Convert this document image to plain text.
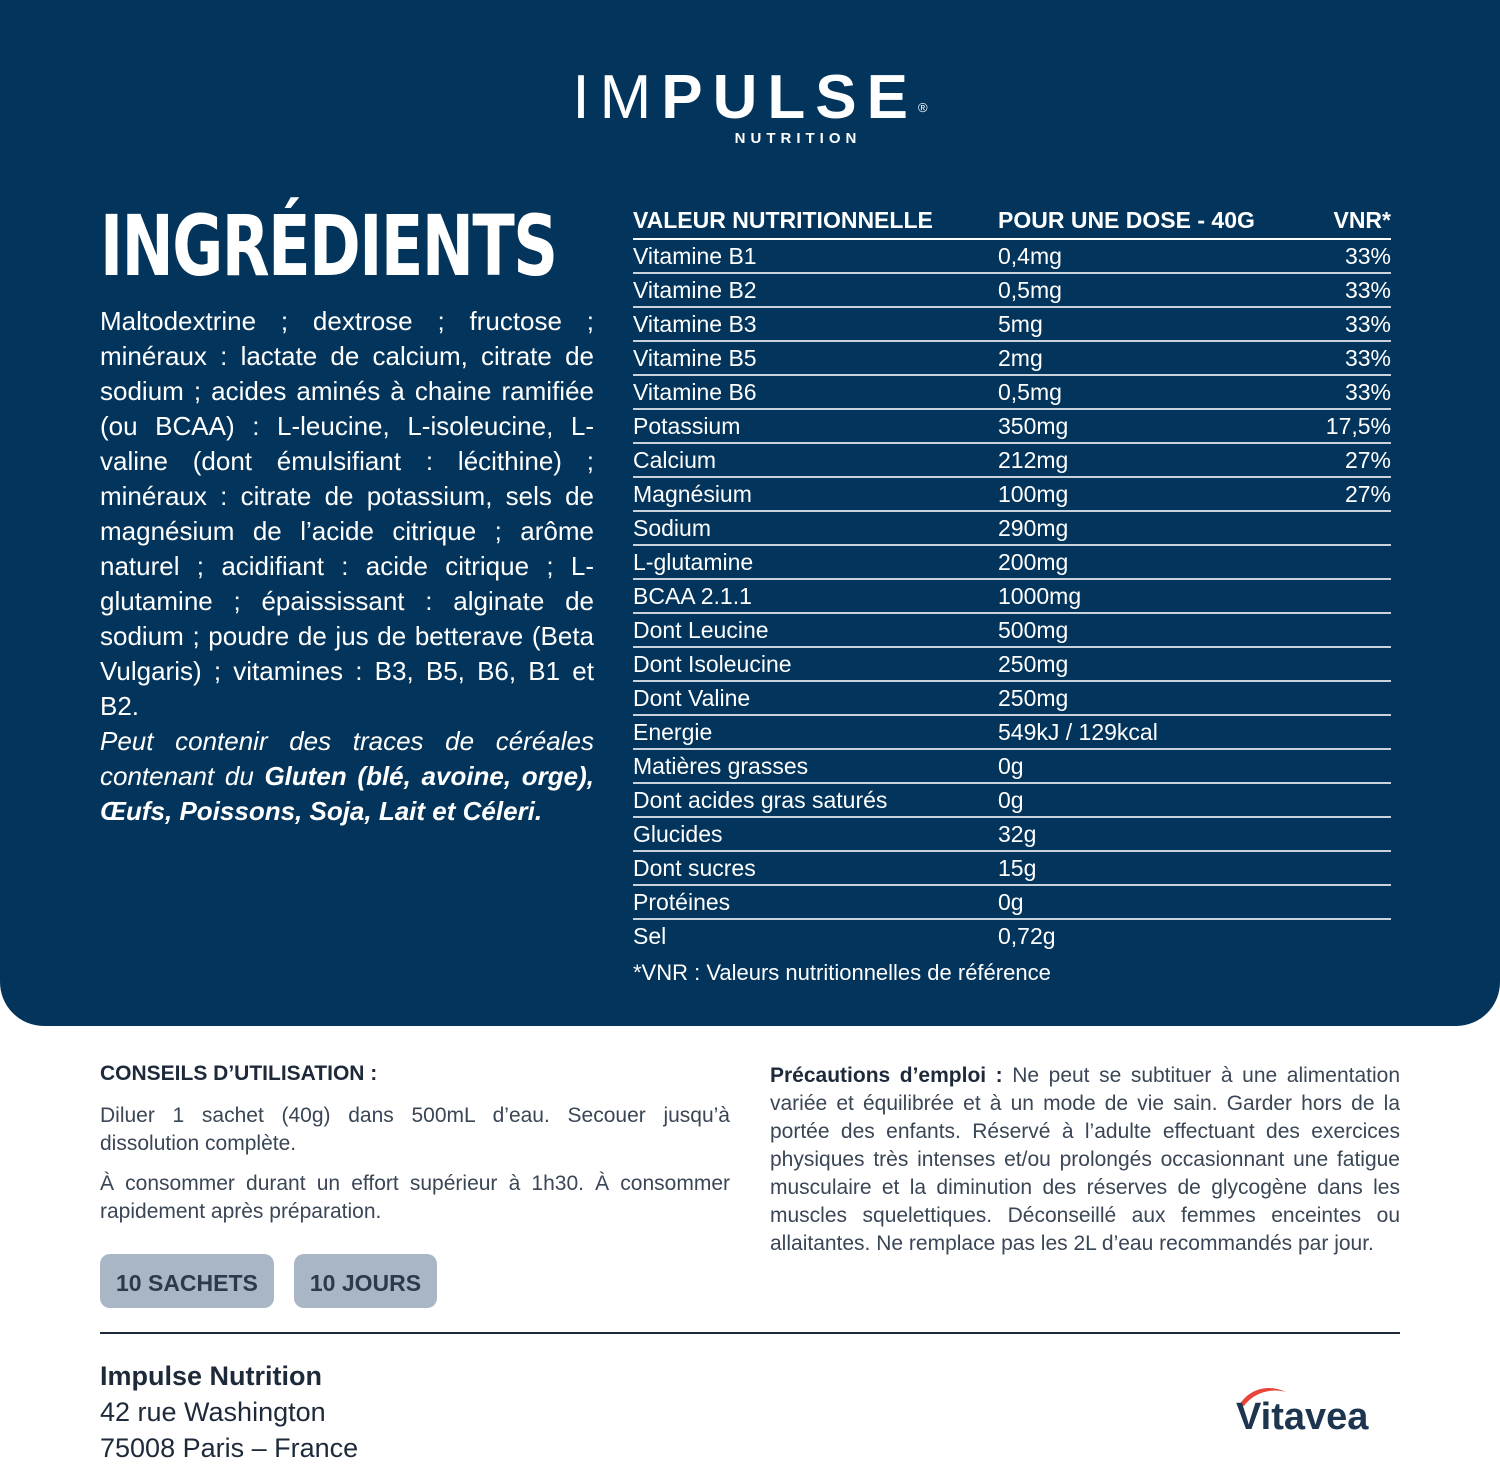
IMPULSE®
NUTRITION
INGRÉDIENTS

Maltodextrine ; dextrose ; fructose ; minéraux : lactate de calcium, citrate de sodium ; acides aminés à chaine ramifiée (ou BCAA) : L-leucine, L-isoleucine, L-valine (dont émulsifiant : lécithine) ; minéraux : citrate de potassium, sels de magnésium de l’acide citrique ; arôme naturel ; acidifiant : acide citrique ; L-glutamine ; épaississant : alginate de sodium ; poudre de jus de betterave (Beta Vulgaris) ; vitamines : B3, B5, B6, B1 et B2.

Peut contenir des traces de céréales contenant du Gluten (blé, avoine, orge), Œufs, Poissons, Soja, Lait et Céleri.

VALEUR NUTRITIONNELLE	POUR UNE DOSE - 40G	VNR*
Vitamine B1	0,4mg	33%
Vitamine B2	0,5mg	33%
Vitamine B3	5mg	33%
Vitamine B5	2mg	33%
Vitamine B6	0,5mg	33%
Potassium	350mg	17,5%
Calcium	212mg	27%
Magnésium	100mg	27%
Sodium	290mg
L-glutamine	200mg
BCAA 2.1.1	1000mg
Dont Leucine	500mg
Dont Isoleucine	250mg
Dont Valine	250mg
Energie	549kJ / 129kcal
Matières grasses	0g
Dont acides gras saturés	0g
Glucides	32g
Dont sucres	15g
Protéines	0g
Sel	0,72g
*VNR : Valeurs nutritionnelles de référence
CONSEILS D’UTILISATION :

Diluer 1 sachet (40g) dans 500mL d’eau. Secouer jusqu’à dissolution complète.

À consommer durant un effort supérieur à 1h30. À consommer rapidement après préparation.

10 SACHETS	10 JOURS
Précautions d’emploi : Ne peut se subtituer à une alimentation variée et équilibrée et à un mode de vie sain. Garder hors de la portée des enfants. Réservé à l’adulte effectuant des exercices physiques très intenses et/ou prolongés occasionnant une fatigue musculaire et la diminution des réserves de glycogène dans les muscles squelettiques. Déconseillé aux femmes enceintes ou allaitantes. Ne remplace pas les 2L d’eau recommandés par jour.
Impulse Nutrition
42 rue Washington
75008 Paris – France
Vitavea
